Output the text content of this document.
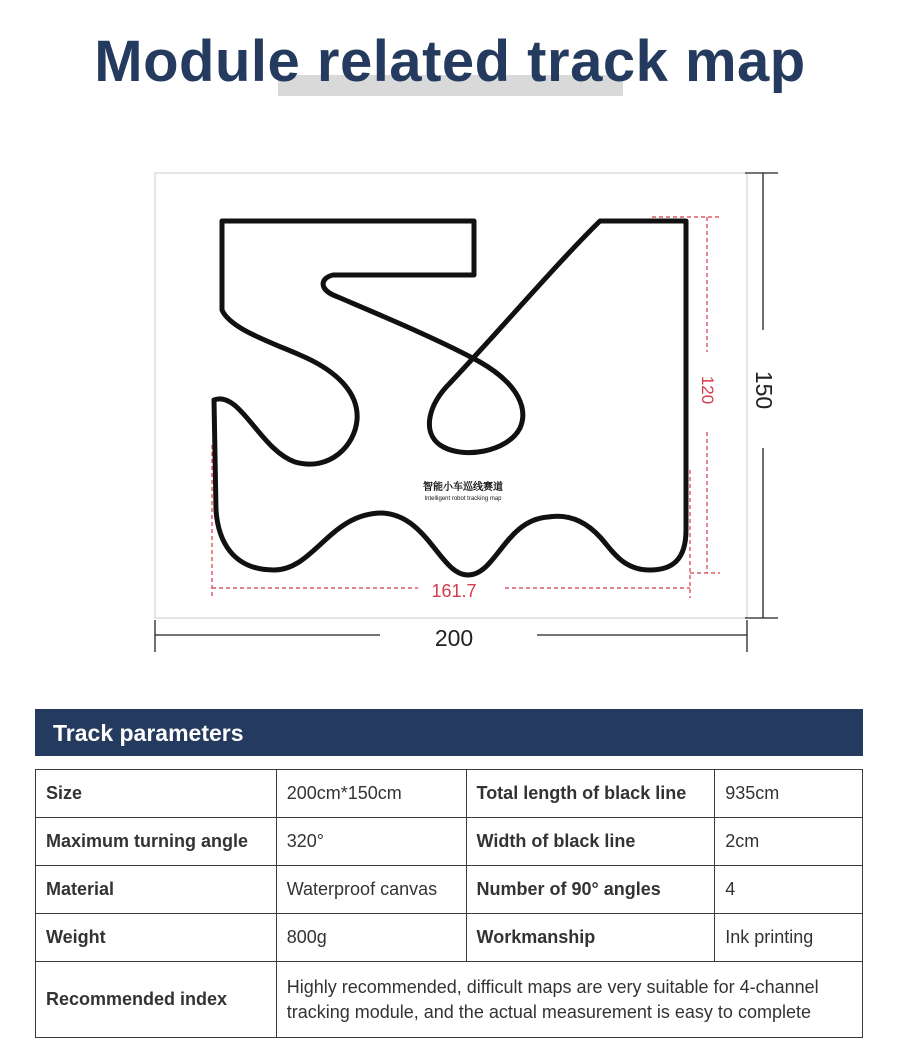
Module related track map
161.7
120 150
200
智能小车巡线赛道
Intelligent robot tracking map
Track parameters
Size	200cm*150cm	Total length of black line	935cm
Maximum turning angle	320°	Width of black line	2cm
Material	Waterproof canvas	Number of 90° angles	4
Weight	800g	Workmanship	Ink printing
Recommended index	Highly recommended, difficult maps are very suitable for 4-channel tracking module, and the actual measurement is easy to complete		
